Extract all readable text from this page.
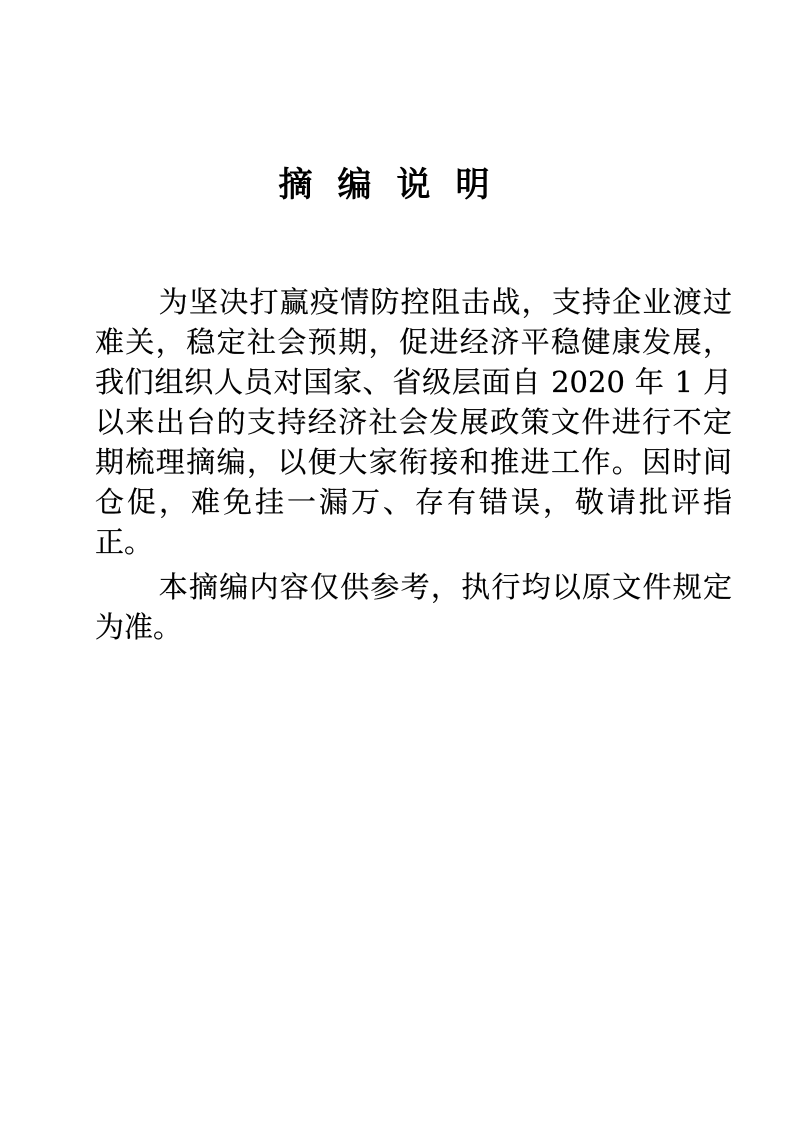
摘编说明

为坚决打赢疫情防控阻击战，支持企业渡过难关，稳定社会预期，促进经济平稳健康发展，我们组织人员对国家、省级层面自 2020 年 1 月以来出台的支持经济社会发展政策文件进行不定期梳理摘编，以便大家衔接和推进工作。因时间仓促，难免挂一漏万、存有错误，敬请批评指正。

本摘编内容仅供参考，执行均以原文件规定为准。
